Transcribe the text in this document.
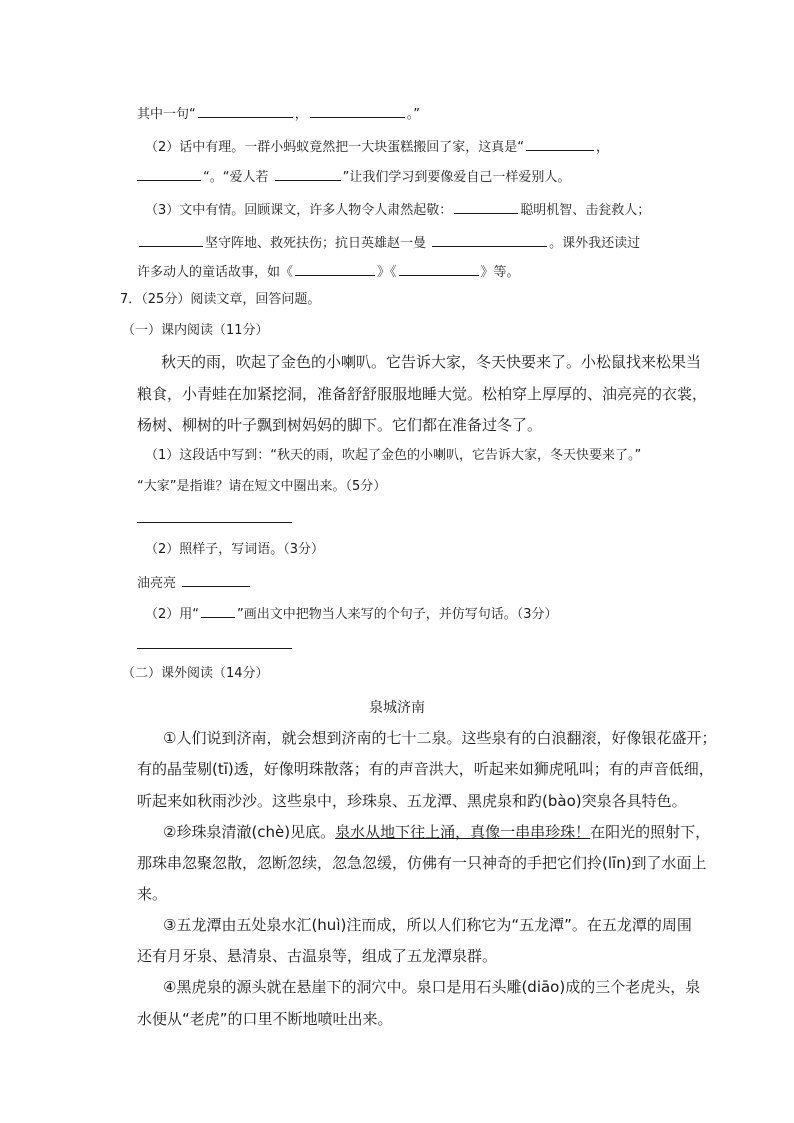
其中一句“	，	。”
（2）话中有理。一群小蚂蚁竟然把一大块蛋糕搬回了家，这真是“	，
“。“爱人若	”让我们学习到要像爱自己一样爱别人。
（3）文中有情。回顾课文，许多人物令人肃然起敬：	聪明机智、击瓮救人；
坚守阵地、救死扶伤；抗日英雄赵一曼	。课外我还读过
许多动人的童话故事，如《	》《	》等。
7．（25分）阅读文章，回答问题。
（一）课内阅读（11分）
秋天的雨，吹起了金色的小喇叭。它告诉大家，冬天快要来了。小松鼠找来松果当
粮食，小青蛙在加紧挖洞，准备舒舒服服地睡大觉。松柏穿上厚厚的、油亮亮的衣裳，
杨树、柳树的叶子飘到树妈妈的脚下。它们都在准备过冬了。
（1）这段话中写到：“秋天的雨，吹起了金色的小喇叭，它告诉大家，冬天快要来了。”
“大家”是指谁？请在短文中圈出来。（5分）
（2）照样子，写词语。（3分）
油亮亮
（2）用“	”画出文中把物当人来写的个句子，并仿写句话。（3分）
（二）课外阅读（14分）
泉城济南
①人们说到济南，就会想到济南的七十二泉。这些泉有的白浪翻滚，好像银花盛开；
有的晶莹剔(tī)透，好像明珠散落；有的声音洪大，听起来如狮虎吼叫；有的声音低细，
听起来如秋雨沙沙。这些泉中，珍珠泉、五龙潭、黑虎泉和趵(bào)突泉各具特色。
②珍珠泉清澈(chè)见底。泉水从地下往上涌，真像一串串珍珠！在阳光的照射下，
那珠串忽聚忽散，忽断忽续，忽急忽缓，仿佛有一只神奇的手把它们拎(līn)到了水面上
来。
③五龙潭由五处泉水汇(huì)注而成，所以人们称它为“五龙潭”。在五龙潭的周围
还有月牙泉、悬清泉、古温泉等，组成了五龙潭泉群。
④黑虎泉的源头就在悬崖下的洞穴中。泉口是用石头雕(diāo)成的三个老虎头，泉
水便从“老虎”的口里不断地喷吐出来。
